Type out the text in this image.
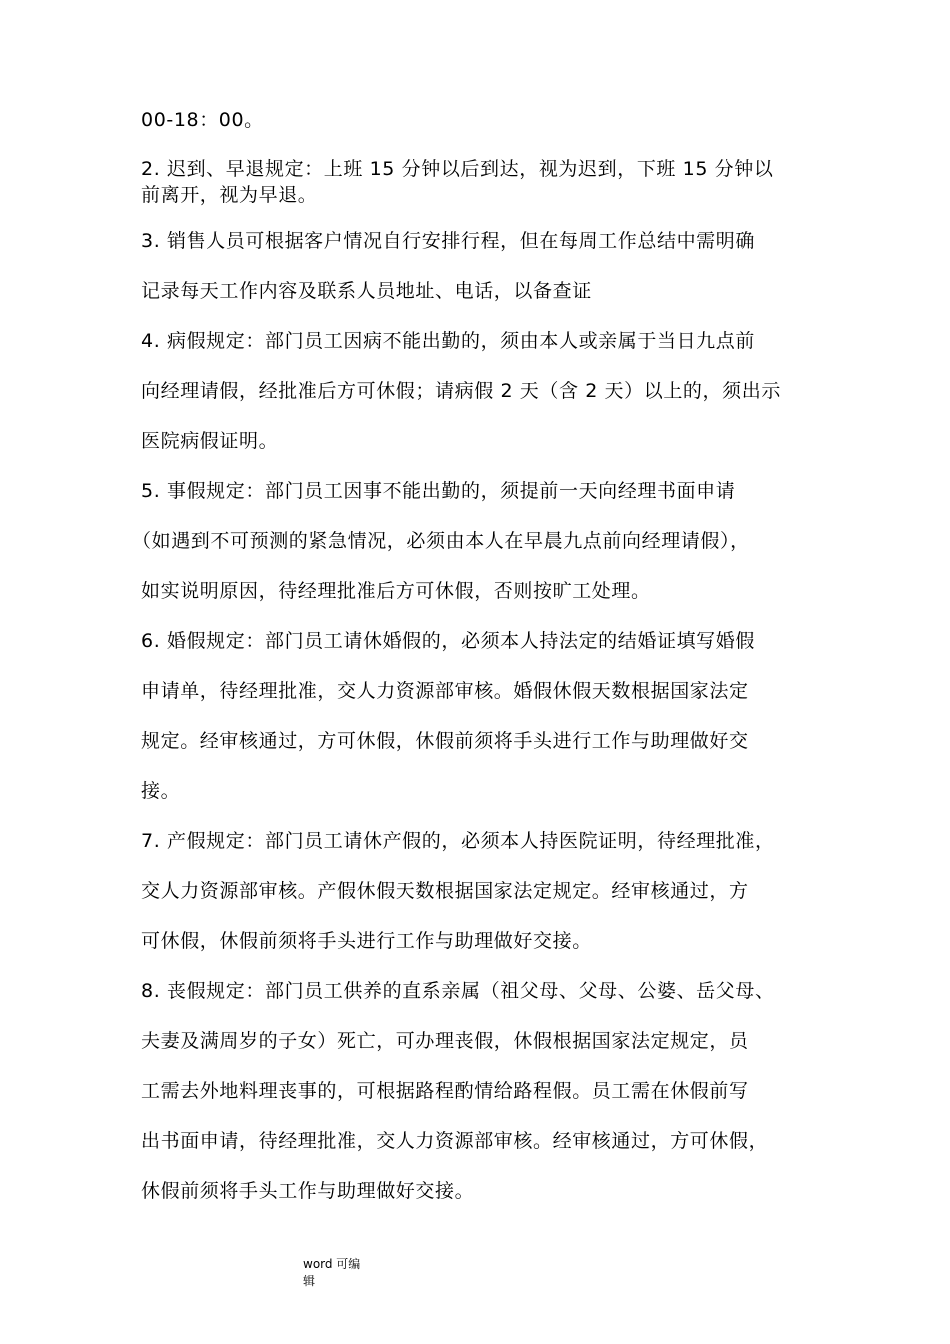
00-18：00。
2. 迟到、早退规定：上班 15 分钟以后到达，视为迟到，下班 15 分钟以
前离开，视为早退。
3. 销售人员可根据客户情况自行安排行程，但在每周工作总结中需明确
记录每天工作内容及联系人员地址、电话，以备查证
4. 病假规定：部门员工因病不能出勤的，须由本人或亲属于当日九点前
向经理请假，经批准后方可休假；请病假 2 天（含 2 天）以上的，须出示
医院病假证明。
5. 事假规定：部门员工因事不能出勤的，须提前一天向经理书面申请
（如遇到不可预测的紧急情况，必须由本人在早晨九点前向经理请假），
如实说明原因，待经理批准后方可休假，否则按旷工处理。
6. 婚假规定：部门员工请休婚假的，必须本人持法定的结婚证填写婚假
申请单，待经理批准，交人力资源部审核。婚假休假天数根据国家法定
规定。经审核通过，方可休假，休假前须将手头进行工作与助理做好交
接。
7. 产假规定：部门员工请休产假的，必须本人持医院证明，待经理批准，
交人力资源部审核。产假休假天数根据国家法定规定。经审核通过，方
可休假，休假前须将手头进行工作与助理做好交接。
8. 丧假规定：部门员工供养的直系亲属（祖父母、父母、公婆、岳父母、
夫妻及满周岁的子女）死亡，可办理丧假，休假根据国家法定规定，员
工需去外地料理丧事的，可根据路程酌情给路程假。员工需在休假前写
出书面申请，待经理批准，交人力资源部审核。经审核通过，方可休假，
休假前须将手头工作与助理做好交接。
word 可编
辑
